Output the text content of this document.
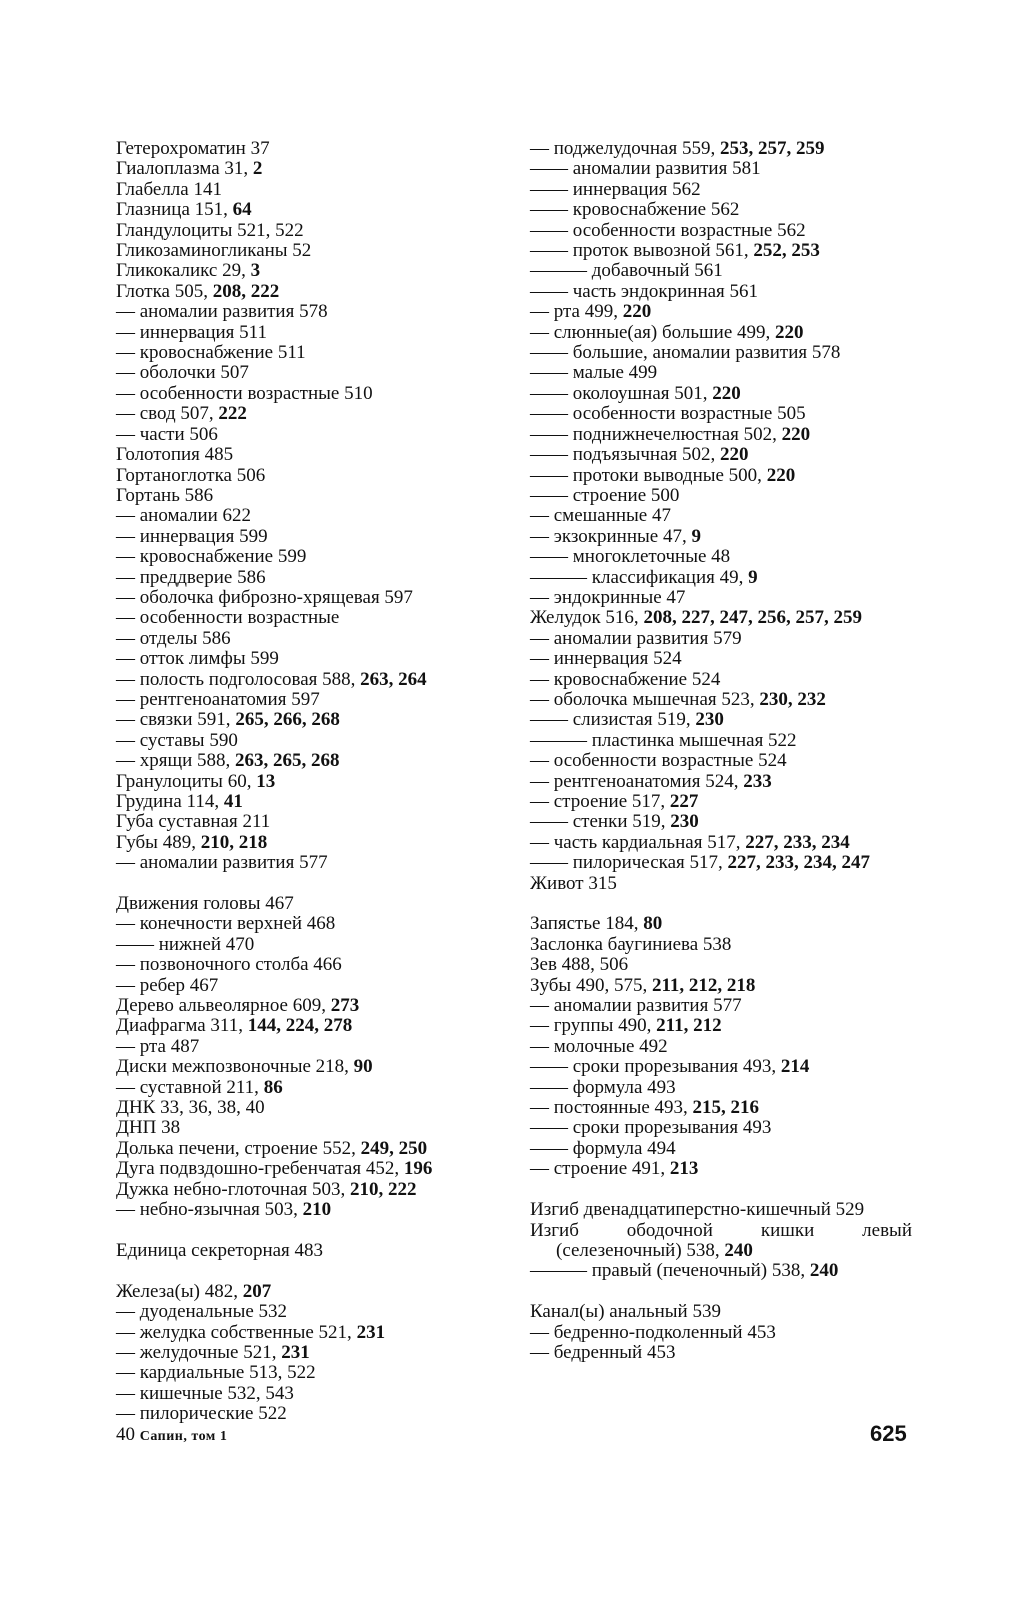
Гетерохроматин 37
Гиалоплазма 31, 2
Глабелла 141
Глазница 151, 64
Гландулоциты 521, 522
Гликозаминогликаны 52
Гликокаликс 29, 3
Глотка 505, 208, 222
— аномалии развития 578
— иннервация 511
— кровоснабжение 511
— оболочки 507
— особенности возрастные 510
— свод 507, 222
— части 506
Голотопия 485
Гортаноглотка 506
Гортань 586
— аномалии 622
— иннервация 599
— кровоснабжение 599
— преддверие 586
— оболочка фиброзно-хрящевая 597
— особенности возрастные
— отделы 586
— отток лимфы 599
— полость подголосовая 588, 263, 264
— рентгеноанатомия 597
— связки 591, 265, 266, 268
— суставы 590
— хрящи 588, 263, 265, 268
Гранулоциты 60, 13
Грудина 114, 41
Губа суставная 211
Губы 489, 210, 218
— аномалии развития 577
Движения головы 467
— конечности верхней 468
—— нижней 470
— позвоночного столба 466
— ребер 467
Дерево альвеолярное 609, 273
Диафрагма 311, 144, 224, 278
— рта 487
Диски межпозвоночные 218, 90
— суставной 211, 86
ДНК 33, 36, 38, 40
ДНП 38
Долька печени, строение 552, 249, 250
Дуга подвздошно-гребенчатая 452, 196
Дужка небно-глоточная 503, 210, 222
— небно-язычная 503, 210
Единица секреторная 483
Железа(ы) 482, 207
— дуоденальные 532
— желудка собственные 521, 231
— желудочные 521, 231
— кардиальные 513, 522
— кишечные 532, 543
— пилорические 522
— поджелудочная 559, 253, 257, 259
—— аномалии развития 581
—— иннервация 562
—— кровоснабжение 562
—— особенности возрастные 562
—— проток вывозной 561, 252, 253
——— добавочный 561
—— часть эндокринная 561
— рта 499, 220
— слюнные(ая) большие 499, 220
—— большие, аномалии развития 578
—— малые 499
—— околоушная 501, 220
—— особенности возрастные 505
—— поднижнечелюстная 502, 220
—— подъязычная 502, 220
—— протоки выводные 500, 220
—— строение 500
— смешанные 47
— экзокринные 47, 9
—— многоклеточные 48
——— классификация 49, 9
— эндокринные 47
Желудок 516, 208, 227, 247, 256, 257, 259
— аномалии развития 579
— иннервация 524
— кровоснабжение 524
— оболочка мышечная 523, 230, 232
—— слизистая 519, 230
——— пластинка мышечная 522
— особенности возрастные 524
— рентгеноанатомия 524, 233
— строение 517, 227
—— стенки 519, 230
— часть кардиальная 517, 227, 233, 234
—— пилорическая 517, 227, 233, 234, 247
Живот 315
Запястье 184, 80
Заслонка баугиниева 538
Зев 488, 506
Зубы 490, 575, 211, 212, 218
— аномалии развития 577
— группы 490, 211, 212
— молочные 492
—— сроки прорезывания 493, 214
—— формула 493
— постоянные 493, 215, 216
—— сроки прорезывания 493
—— формула 494
— строение 491, 213
Изгиб двенадцатиперстно-кишечный 529
Изгиб ободочной кишки левый (селезеночный) 538, 240
——— правый (печеночный) 538, 240
Канал(ы) анальный 539
— бедренно-подколенный 453
— бедренный 453
40 Сапин, том 1	625
